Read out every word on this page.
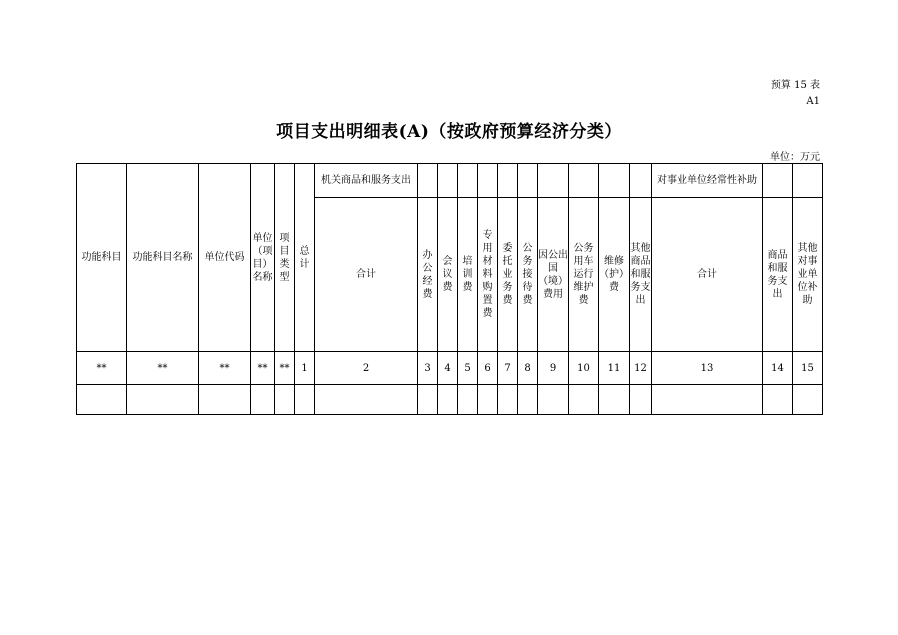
预算 15 表
A1
项目支出明细表(A)（按政府预算经济分类）
单位：万元
功能科目	功能科目名称	单位代码	单位（项目）名称	项目类型	总计	机关商品和服务支出											对事业单位经常性补助		
						合计	办公经费	会议费	培训费	专用材料购置费	委托业务费	公务接待费	因公出国（境）费用	公务用车运行维护费	维修（护）费	其他商品和服务支出	合计	商品和服务支出	其他对事业单位补助
**	**	**	**	**	1	2	3	4	5	6	7	8	9	10	11	12	13	14	15
